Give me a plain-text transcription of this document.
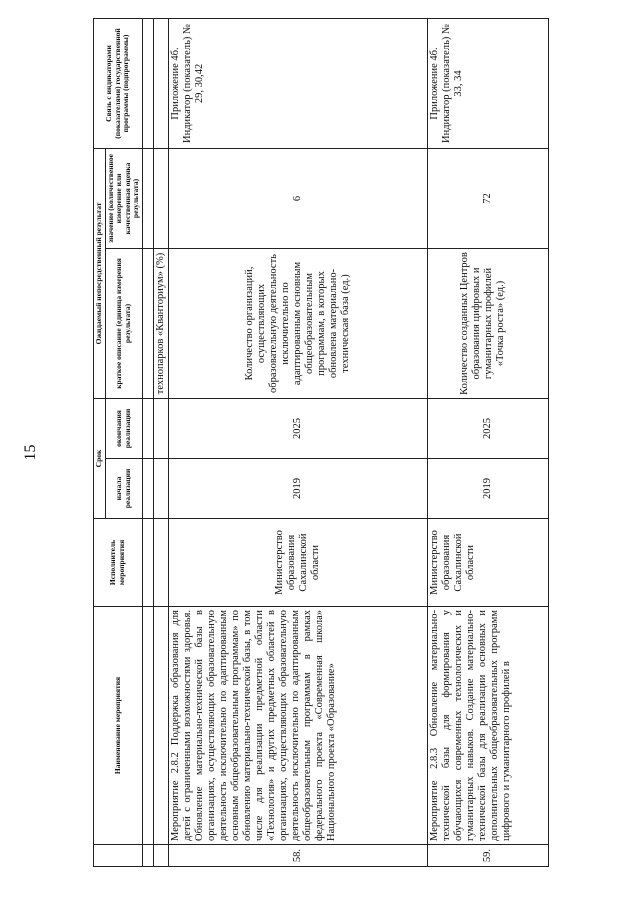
15
	Наименование мероприятия	Исполнитель мероприятия	Срок		Ожидаемый непосредственный результат		Связь с индикаторами (показателями) государственной программы (подпрограммы)
			начала реализации	окончания реализации	краткое описание (единица измерения результата)	значение (количественное измерение или качественная оценка результата)	

					технопарков «Кванториум» (%)		
58.	Мероприятие 2.8.2 Поддержка образования для детей с ограниченными возможностями здоровья. Обновление материально-технической базы в организациях, осуществляющих образовательную деятельность исключительно по адаптированным основным общеобразовательным программам» по обновлению материально-технической базы, в том числе для реализации предметной области «Технология» и других предметных областей в организациях, осуществляющих образовательную деятельность исключительно по адаптированным общеобразовательным программам в рамках федерального проекта «Современная школа» Национального проекта «Образование»	Министерство образования Сахалинской области	2019	2025	Количество организаций, осуществляющих образовательную деятельность исключительно по адаптированным основным общеобразовательным программам, в которых обновлена материально-техническая база (ед.)	6	Приложение 4б. Индикатор (показатель) № 29, 30,42
59.	Мероприятие 2.8.3 Обновление материально-технической базы для формирования у обучающихся современных технологических и гуманитарных навыков. Создание материально-технической базы для реализации основных и дополнительных общеобразовательных программ цифрового и гуманитарного профилей в	Министерство образования Сахалинской области	2019	2025	Количество созданных Центров образования цифровых и гуманитарных профилей «Точка роста» (ед.)	72	Приложение 4б. Индикатор (показатель) № 33, 34
